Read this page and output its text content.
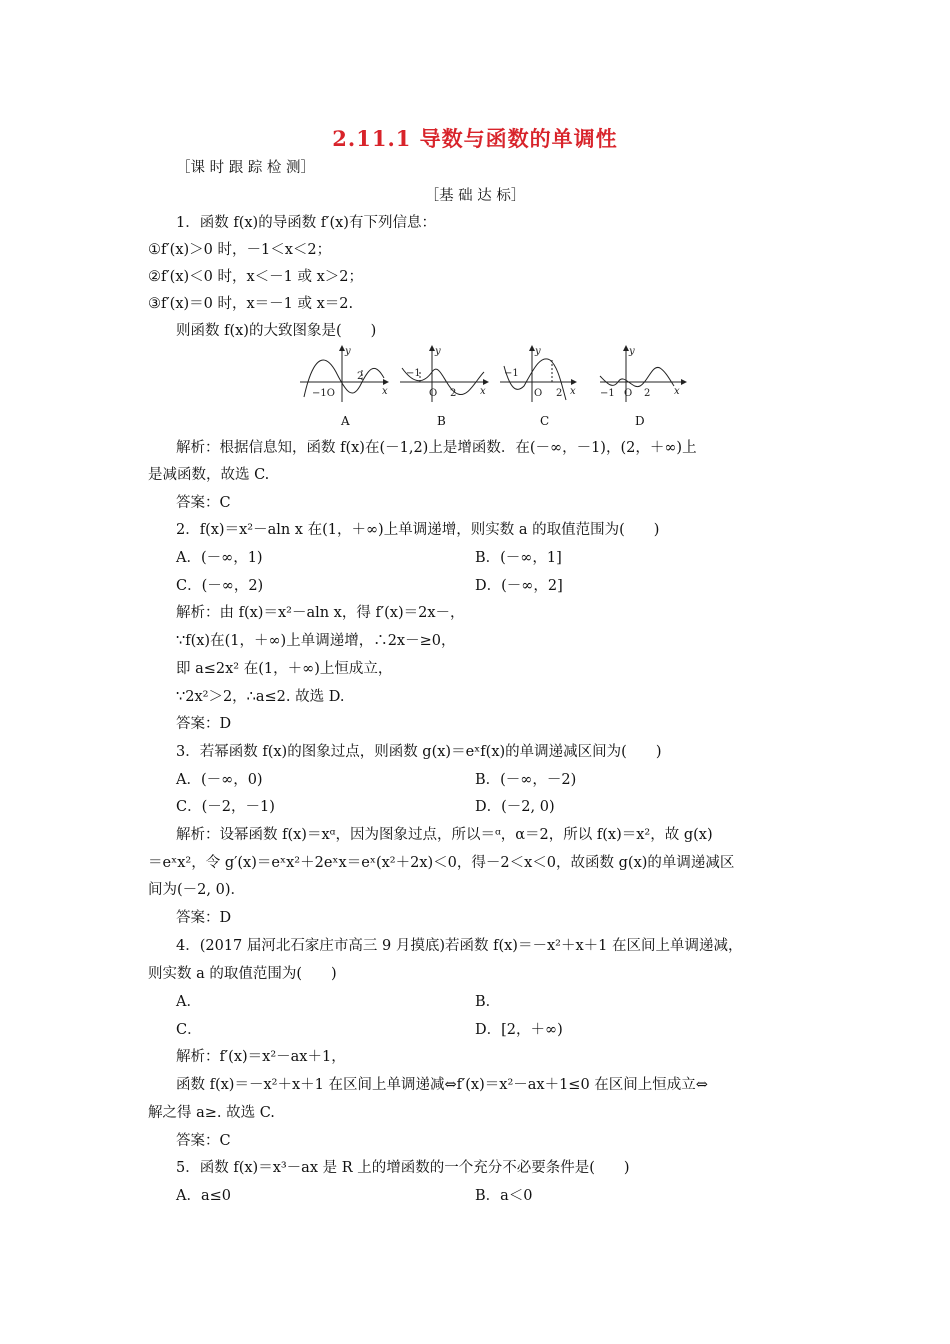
2.11.1 导数与函数的单调性
［课 时 跟 踪 检 测］
［基 础 达 标］
1．函数 f(x)的导函数 f′(x)有下列信息：
①f′(x)＞0 时，－1＜x＜2；
②f′(x)＜0 时，x＜－1 或 x＞2；
③f′(x)＝0 时，x＝－1 或 x＝2.
则函数 f(x)的大致图象是(　　)
−1O
2
x
y
−1
O 2 x
y
−1
O 2 x
y
−1 O 2 x
y
A	B	C	D
解析：根据信息知，函数 f(x)在(－1,2)上是增函数．在(－∞，－1)，(2，＋∞)上
是减函数，故选 C.
答案：C
2．f(x)＝x²－aln x 在(1，＋∞)上单调递增，则实数 a 的取值范围为(　　)
A．(－∞，1)	B．(－∞，1]
C．(－∞，2)	D．(－∞，2]
解析：由 f(x)＝x²－aln x，得 f′(x)＝2x－，
∵f(x)在(1，＋∞)上单调递增，∴2x－≥0，
即 a≤2x² 在(1，＋∞)上恒成立，
∵2x²＞2，∴a≤2. 故选 D.
答案：D
3．若幂函数 f(x)的图象过点，则函数 g(x)＝eˣf(x)的单调递减区间为(　　)
A．(－∞，0)	B．(－∞，－2)
C．(－2，－1)	D．(－2, 0)
解析：设幂函数 f(x)＝xᵅ，因为图象过点，所以＝ᵅ，α＝2，所以 f(x)＝x²，故 g(x)
＝eˣx²，令 g′(x)＝eˣx²＋2eˣx＝eˣ(x²＋2x)＜0，得－2＜x＜0，故函数 g(x)的单调递减区
间为(－2, 0)．
答案：D
4．(2017 届河北石家庄市高三 9 月摸底)若函数 f(x)＝－x²＋x＋1 在区间上单调递减，
则实数 a 的取值范围为(　　)
A．	B．
C．	D．[2，＋∞)
解析：f′(x)＝x²－ax＋1，
函数 f(x)＝－x²＋x＋1 在区间上单调递减⇔f′(x)＝x²－ax＋1≤0 在区间上恒成立⇔
解之得 a≥. 故选 C.
答案：C
5．函数 f(x)＝x³－ax 是 R 上的增函数的一个充分不必要条件是(　　)
A．a≤0	B．a＜0
